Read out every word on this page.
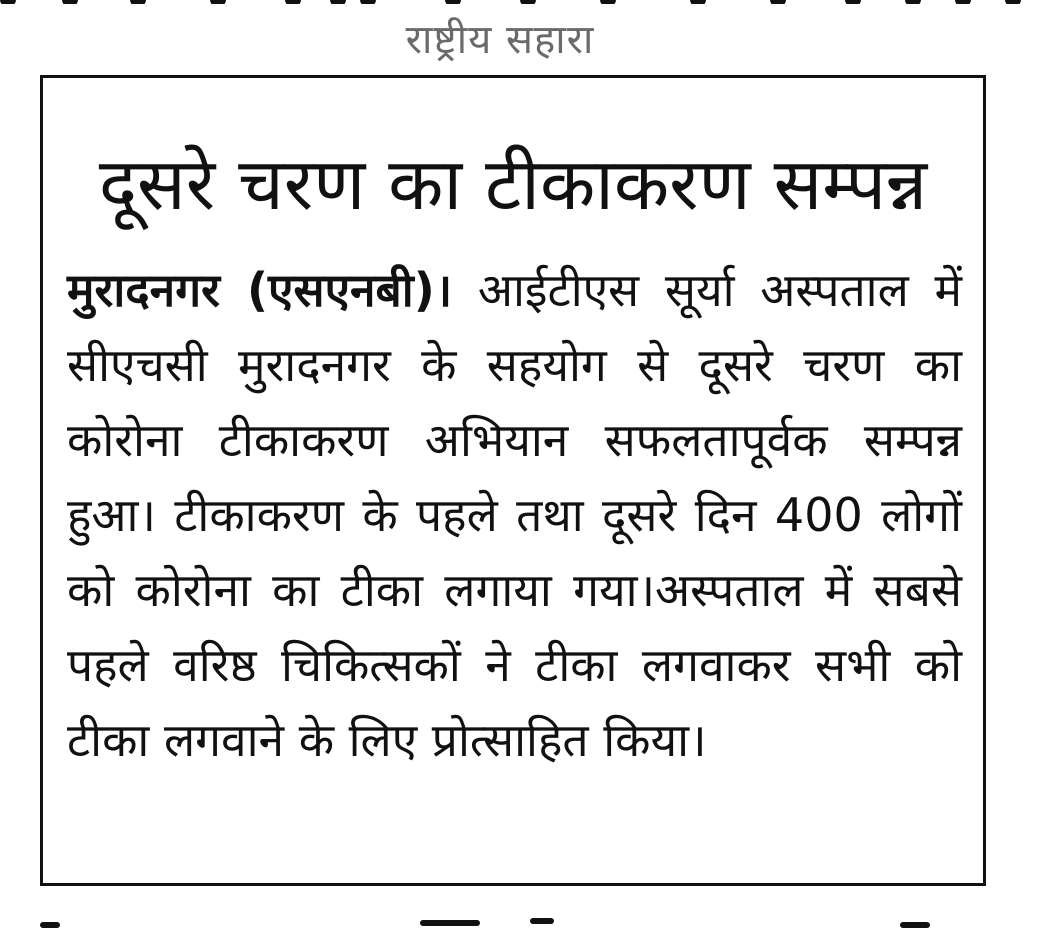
राष्ट्रीय सहारा
दूसरे चरण का टीकाकरण सम्पन्न

मुरादनगर (एसएनबी)। आईटीएस सूर्या अस्पताल में सीएचसी मुरादनगर के सहयोग से दूसरे चरण का कोरोना टीकाकरण अभियान सफलतापूर्वक सम्पन्न हुआ। टीकाकरण के पहले तथा दूसरे दिन 400 लोगों को कोरोना का टीका लगाया गया।अस्पताल में सबसे पहले वरिष्ठ चिकित्सकों ने टीका लगवाकर सभी को टीका लगवाने के लिए प्रोत्साहित किया।
